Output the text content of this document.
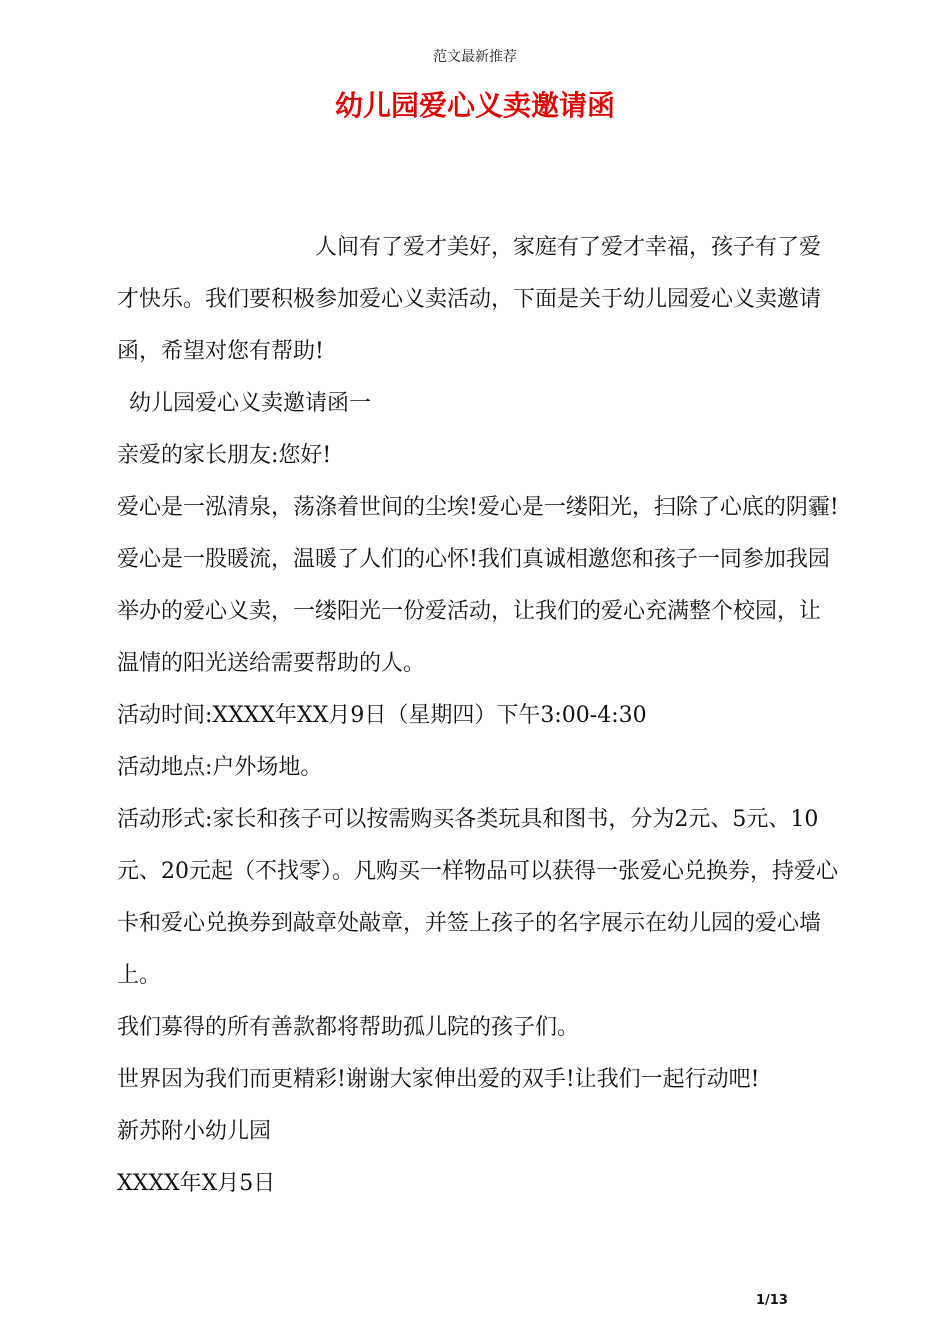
范文最新推荐
幼儿园爱心义卖邀请函

人间有了爱才美好，家庭有了爱才幸福，孩子有了爱才快乐。我们要积极参加爱心义卖活动，下面是关于幼儿园爱心义卖邀请函，希望对您有帮助!

幼儿园爱心义卖邀请函一

亲爱的家长朋友:您好!

爱心是一泓清泉，荡涤着世间的尘埃!爱心是一缕阳光，扫除了心底的阴霾!爱心是一股暖流，温暖了人们的心怀!我们真诚相邀您和孩子一同参加我园举办的爱心义卖，一缕阳光一份爱活动，让我们的爱心充满整个校园，让温情的阳光送给需要帮助的人。

活动时间:XXXX年XX月9日（星期四）下午3:00-4:30

活动地点:户外场地。

活动形式:家长和孩子可以按需购买各类玩具和图书，分为2元、5元、10元、20元起（不找零）。凡购买一样物品可以获得一张爱心兑换券，持爱心卡和爱心兑换券到敲章处敲章，并签上孩子的名字展示在幼儿园的爱心墙上。

我们募得的所有善款都将帮助孤儿院的孩子们。

世界因为我们而更精彩!谢谢大家伸出爱的双手!让我们一起行动吧!

新苏附小幼儿园

XXXX年X月5日

1/13
